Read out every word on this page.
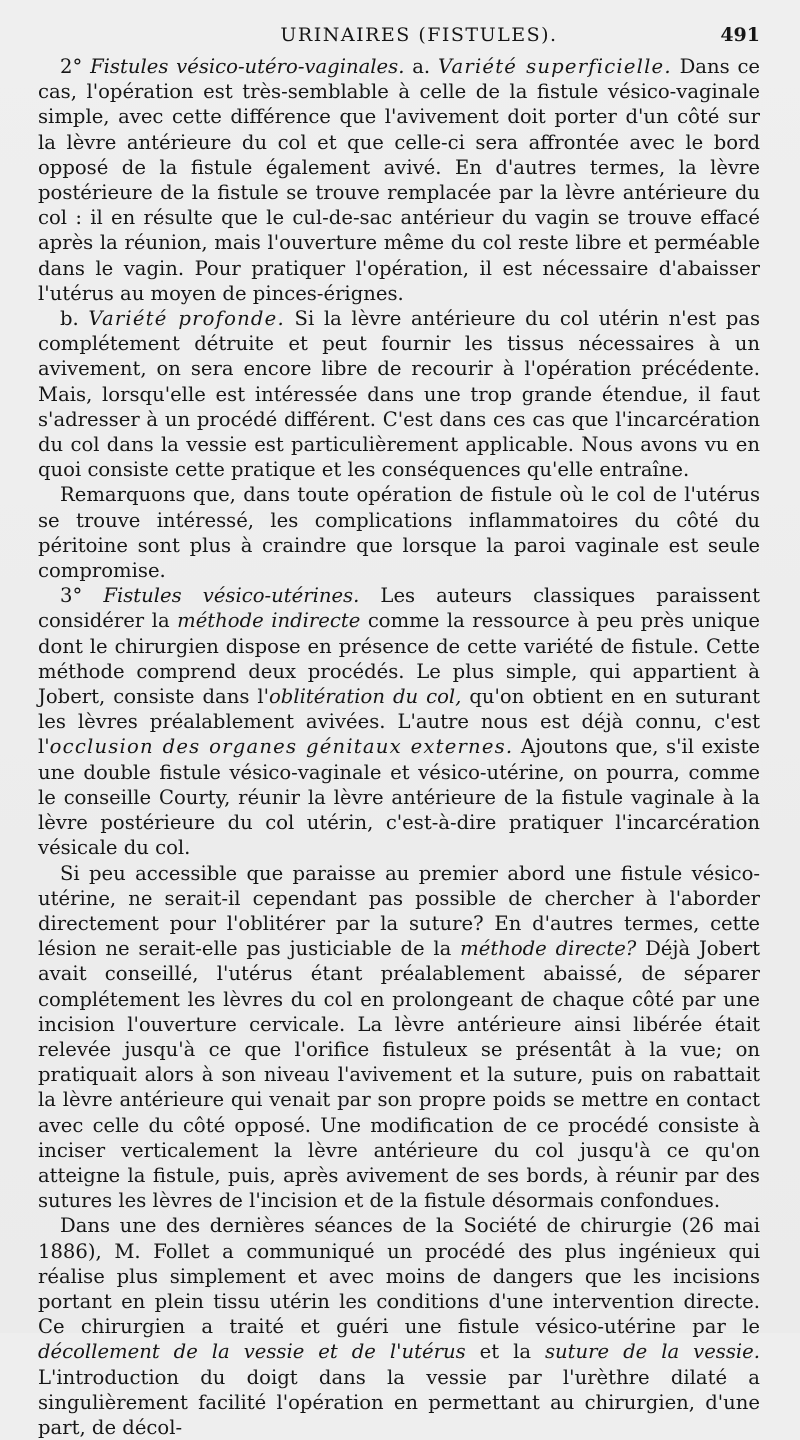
URINAIRES (FISTULES).	491

2° Fistules vésico-utéro-vaginales. a. Variété superficielle. Dans ce cas, l'opération est très-semblable à celle de la fistule vésico-vaginale simple, avec cette différence que l'avivement doit porter d'un côté sur la lèvre antérieure du col et que celle-ci sera affrontée avec le bord opposé de la fistule également avivé. En d'autres termes, la lèvre postérieure de la fistule se trouve remplacée par la lèvre antérieure du col : il en résulte que le cul-de-sac antérieur du vagin se trouve effacé après la réunion, mais l'ouverture même du col reste libre et perméable dans le vagin. Pour pratiquer l'opération, il est nécessaire d'abaisser l'utérus au moyen de pinces-érignes.

b. Variété profonde. Si la lèvre antérieure du col utérin n'est pas complétement détruite et peut fournir les tissus nécessaires à un avivement, on sera encore libre de recourir à l'opération précédente. Mais, lorsqu'elle est intéressée dans une trop grande étendue, il faut s'adresser à un procédé différent. C'est dans ces cas que l'incarcération du col dans la vessie est particulièrement applicable. Nous avons vu en quoi consiste cette pratique et les conséquences qu'elle entraîne.

Remarquons que, dans toute opération de fistule où le col de l'utérus se trouve intéressé, les complications inflammatoires du côté du péritoine sont plus à craindre que lorsque la paroi vaginale est seule compromise.

3° Fistules vésico-utérines. Les auteurs classiques paraissent considérer la méthode indirecte comme la ressource à peu près unique dont le chirurgien dispose en présence de cette variété de fistule. Cette méthode comprend deux procédés. Le plus simple, qui appartient à Jobert, consiste dans l'oblitération du col, qu'on obtient en en suturant les lèvres préalablement avivées. L'autre nous est déjà connu, c'est l'occlusion des organes génitaux externes. Ajoutons que, s'il existe une double fistule vésico-vaginale et vésico-utérine, on pourra, comme le conseille Courty, réunir la lèvre antérieure de la fistule vaginale à la lèvre postérieure du col utérin, c'est-à-dire pratiquer l'incarcération vésicale du col.

Si peu accessible que paraisse au premier abord une fistule vésico-utérine, ne serait-il cependant pas possible de chercher à l'aborder directement pour l'oblitérer par la suture? En d'autres termes, cette lésion ne serait-elle pas justiciable de la méthode directe? Déjà Jobert avait conseillé, l'utérus étant préalablement abaissé, de séparer complétement les lèvres du col en prolongeant de chaque côté par une incision l'ouverture cervicale. La lèvre antérieure ainsi libérée était relevée jusqu'à ce que l'orifice fistuleux se présentât à la vue; on pratiquait alors à son niveau l'avivement et la suture, puis on rabattait la lèvre antérieure qui venait par son propre poids se mettre en contact avec celle du côté opposé. Une modification de ce procédé consiste à inciser verticalement la lèvre antérieure du col jusqu'à ce qu'on atteigne la fistule, puis, après avivement de ses bords, à réunir par des sutures les lèvres de l'incision et de la fistule désormais confondues.

Dans une des dernières séances de la Société de chirurgie (26 mai 1886), M. Follet a communiqué un procédé des plus ingénieux qui réalise plus simplement et avec moins de dangers que les incisions portant en plein tissu utérin les conditions d'une intervention directe. Ce chirurgien a traité et guéri une fistule vésico-utérine par le décollement de la vessie et de l'utérus et la suture de la vessie. L'introduction du doigt dans la vessie par l'urèthre dilaté a singulièrement facilité l'opération en permettant au chirurgien, d'une part, de décol-
